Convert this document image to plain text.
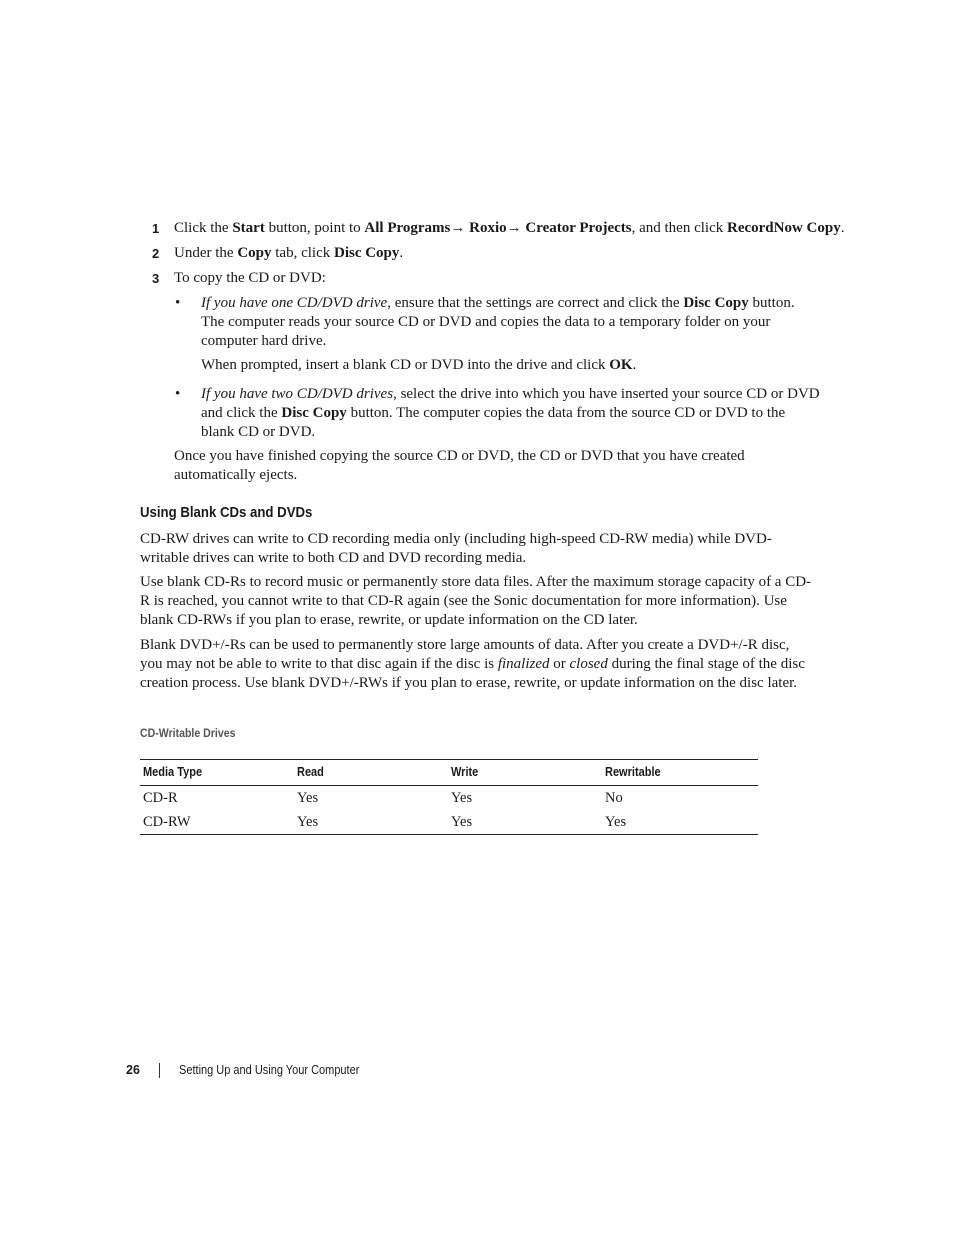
1 Click the Start button, point to All Programs→ Roxio→ Creator Projects, and then click RecordNow Copy.
2 Under the Copy tab, click Disc Copy.
3 To copy the CD or DVD:
• If you have one CD/DVD drive, ensure that the settings are correct and click the Disc Copy button. The computer reads your source CD or DVD and copies the data to a temporary folder on your computer hard drive.
When prompted, insert a blank CD or DVD into the drive and click OK.
• If you have two CD/DVD drives, select the drive into which you have inserted your source CD or DVD and click the Disc Copy button. The computer copies the data from the source CD or DVD to the blank CD or DVD.
Once you have finished copying the source CD or DVD, the CD or DVD that you have created automatically ejects.
Using Blank CDs and DVDs
CD-RW drives can write to CD recording media only (including high-speed CD-RW media) while DVD-writable drives can write to both CD and DVD recording media.
Use blank CD-Rs to record music or permanently store data files. After the maximum storage capacity of a CD-R is reached, you cannot write to that CD-R again (see the Sonic documentation for more information). Use blank CD-RWs if you plan to erase, rewrite, or update information on the CD later.
Blank DVD+/-Rs can be used to permanently store large amounts of data. After you create a DVD+/-R disc, you may not be able to write to that disc again if the disc is finalized or closed during the final stage of the disc creation process. Use blank DVD+/-RWs if you plan to erase, rewrite, or update information on the disc later.
CD-Writable Drives
Media Type	Read	Write	Rewritable
CD-R	Yes	Yes	No
CD-RW	Yes	Yes	Yes
26	Setting Up and Using Your Computer
